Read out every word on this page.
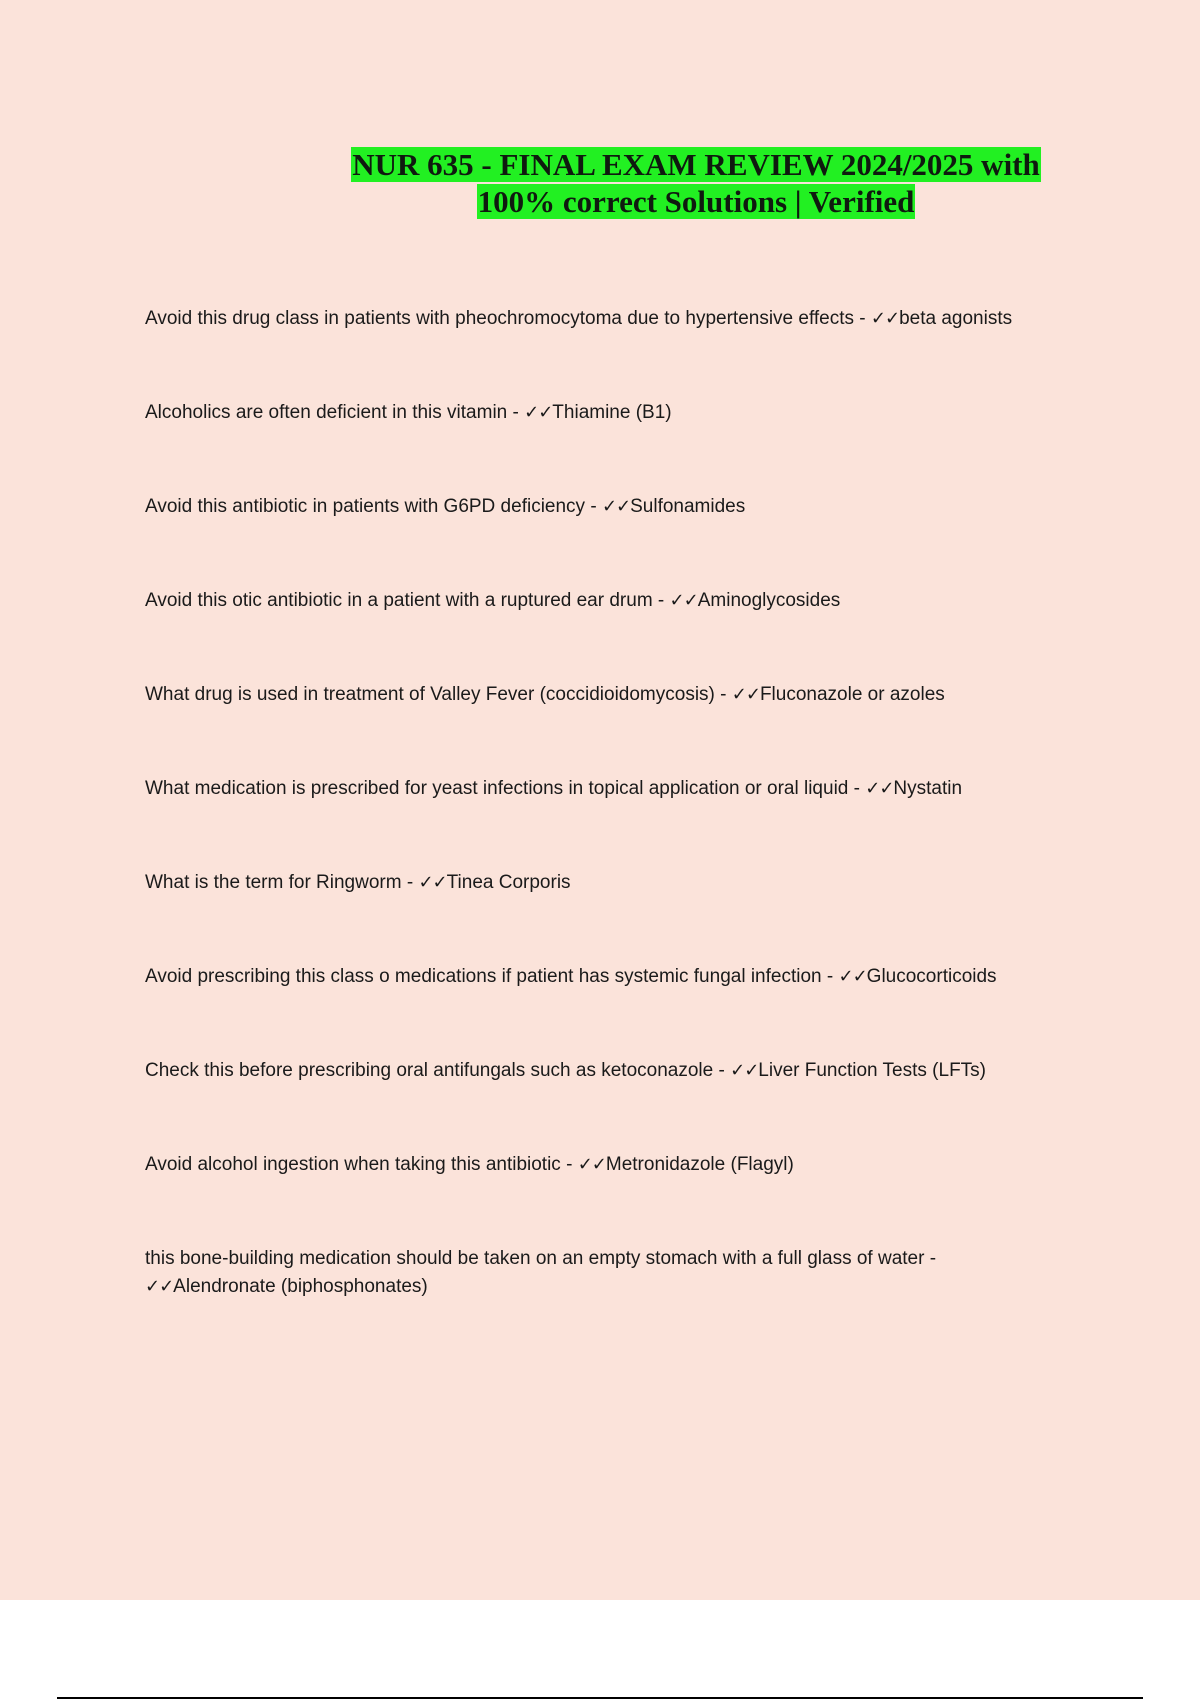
NUR 635 - FINAL EXAM REVIEW 2024/2025 with
100% correct Solutions | Verified
Avoid this drug class in patients with pheochromocytoma due to hypertensive effects - ✓✓beta agonists
Alcoholics are often deficient in this vitamin - ✓✓Thiamine (B1)
Avoid this antibiotic in patients with G6PD deficiency - ✓✓Sulfonamides
Avoid this otic antibiotic in a patient with a ruptured ear drum - ✓✓Aminoglycosides
What drug is used in treatment of Valley Fever (coccidioidomycosis) - ✓✓Fluconazole or azoles
What medication is prescribed for yeast infections in topical application or oral liquid - ✓✓Nystatin
What is the term for Ringworm - ✓✓Tinea Corporis
Avoid prescribing this class o medications if patient has systemic fungal infection - ✓✓Glucocorticoids
Check this before prescribing oral antifungals such as ketoconazole - ✓✓Liver Function Tests (LFTs)
Avoid alcohol ingestion when taking this antibiotic - ✓✓Metronidazole (Flagyl)
this bone-building medication should be taken on an empty stomach with a full glass of water - ✓✓Alendronate (biphosphonates)
